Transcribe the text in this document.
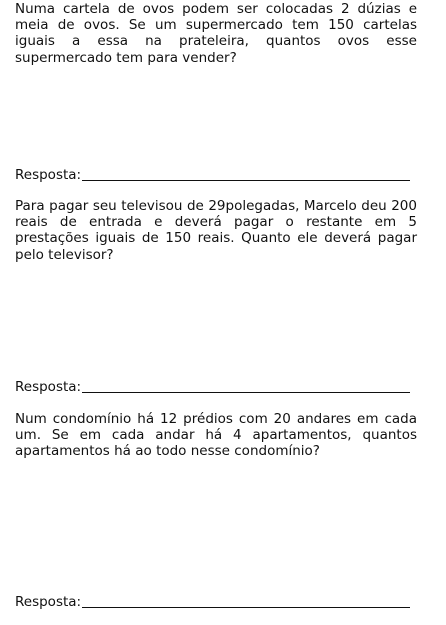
Numa cartela de ovos podem ser colocadas 2 dúzias e meia de ovos. Se um supermercado tem 150 cartelas iguais a essa na prateleira, quantos ovos esse supermercado tem para vender?

Resposta:

Para pagar seu televisou de 29polegadas, Marcelo deu 200 reais de entrada e deverá pagar o restante em 5 prestações iguais de 150 reais. Quanto ele deverá pagar pelo televisor?

Resposta:

Num condomínio há 12 prédios com 20 andares em cada um. Se em cada andar há 4 apartamentos, quantos apartamentos há ao todo nesse condomínio?

Resposta:
